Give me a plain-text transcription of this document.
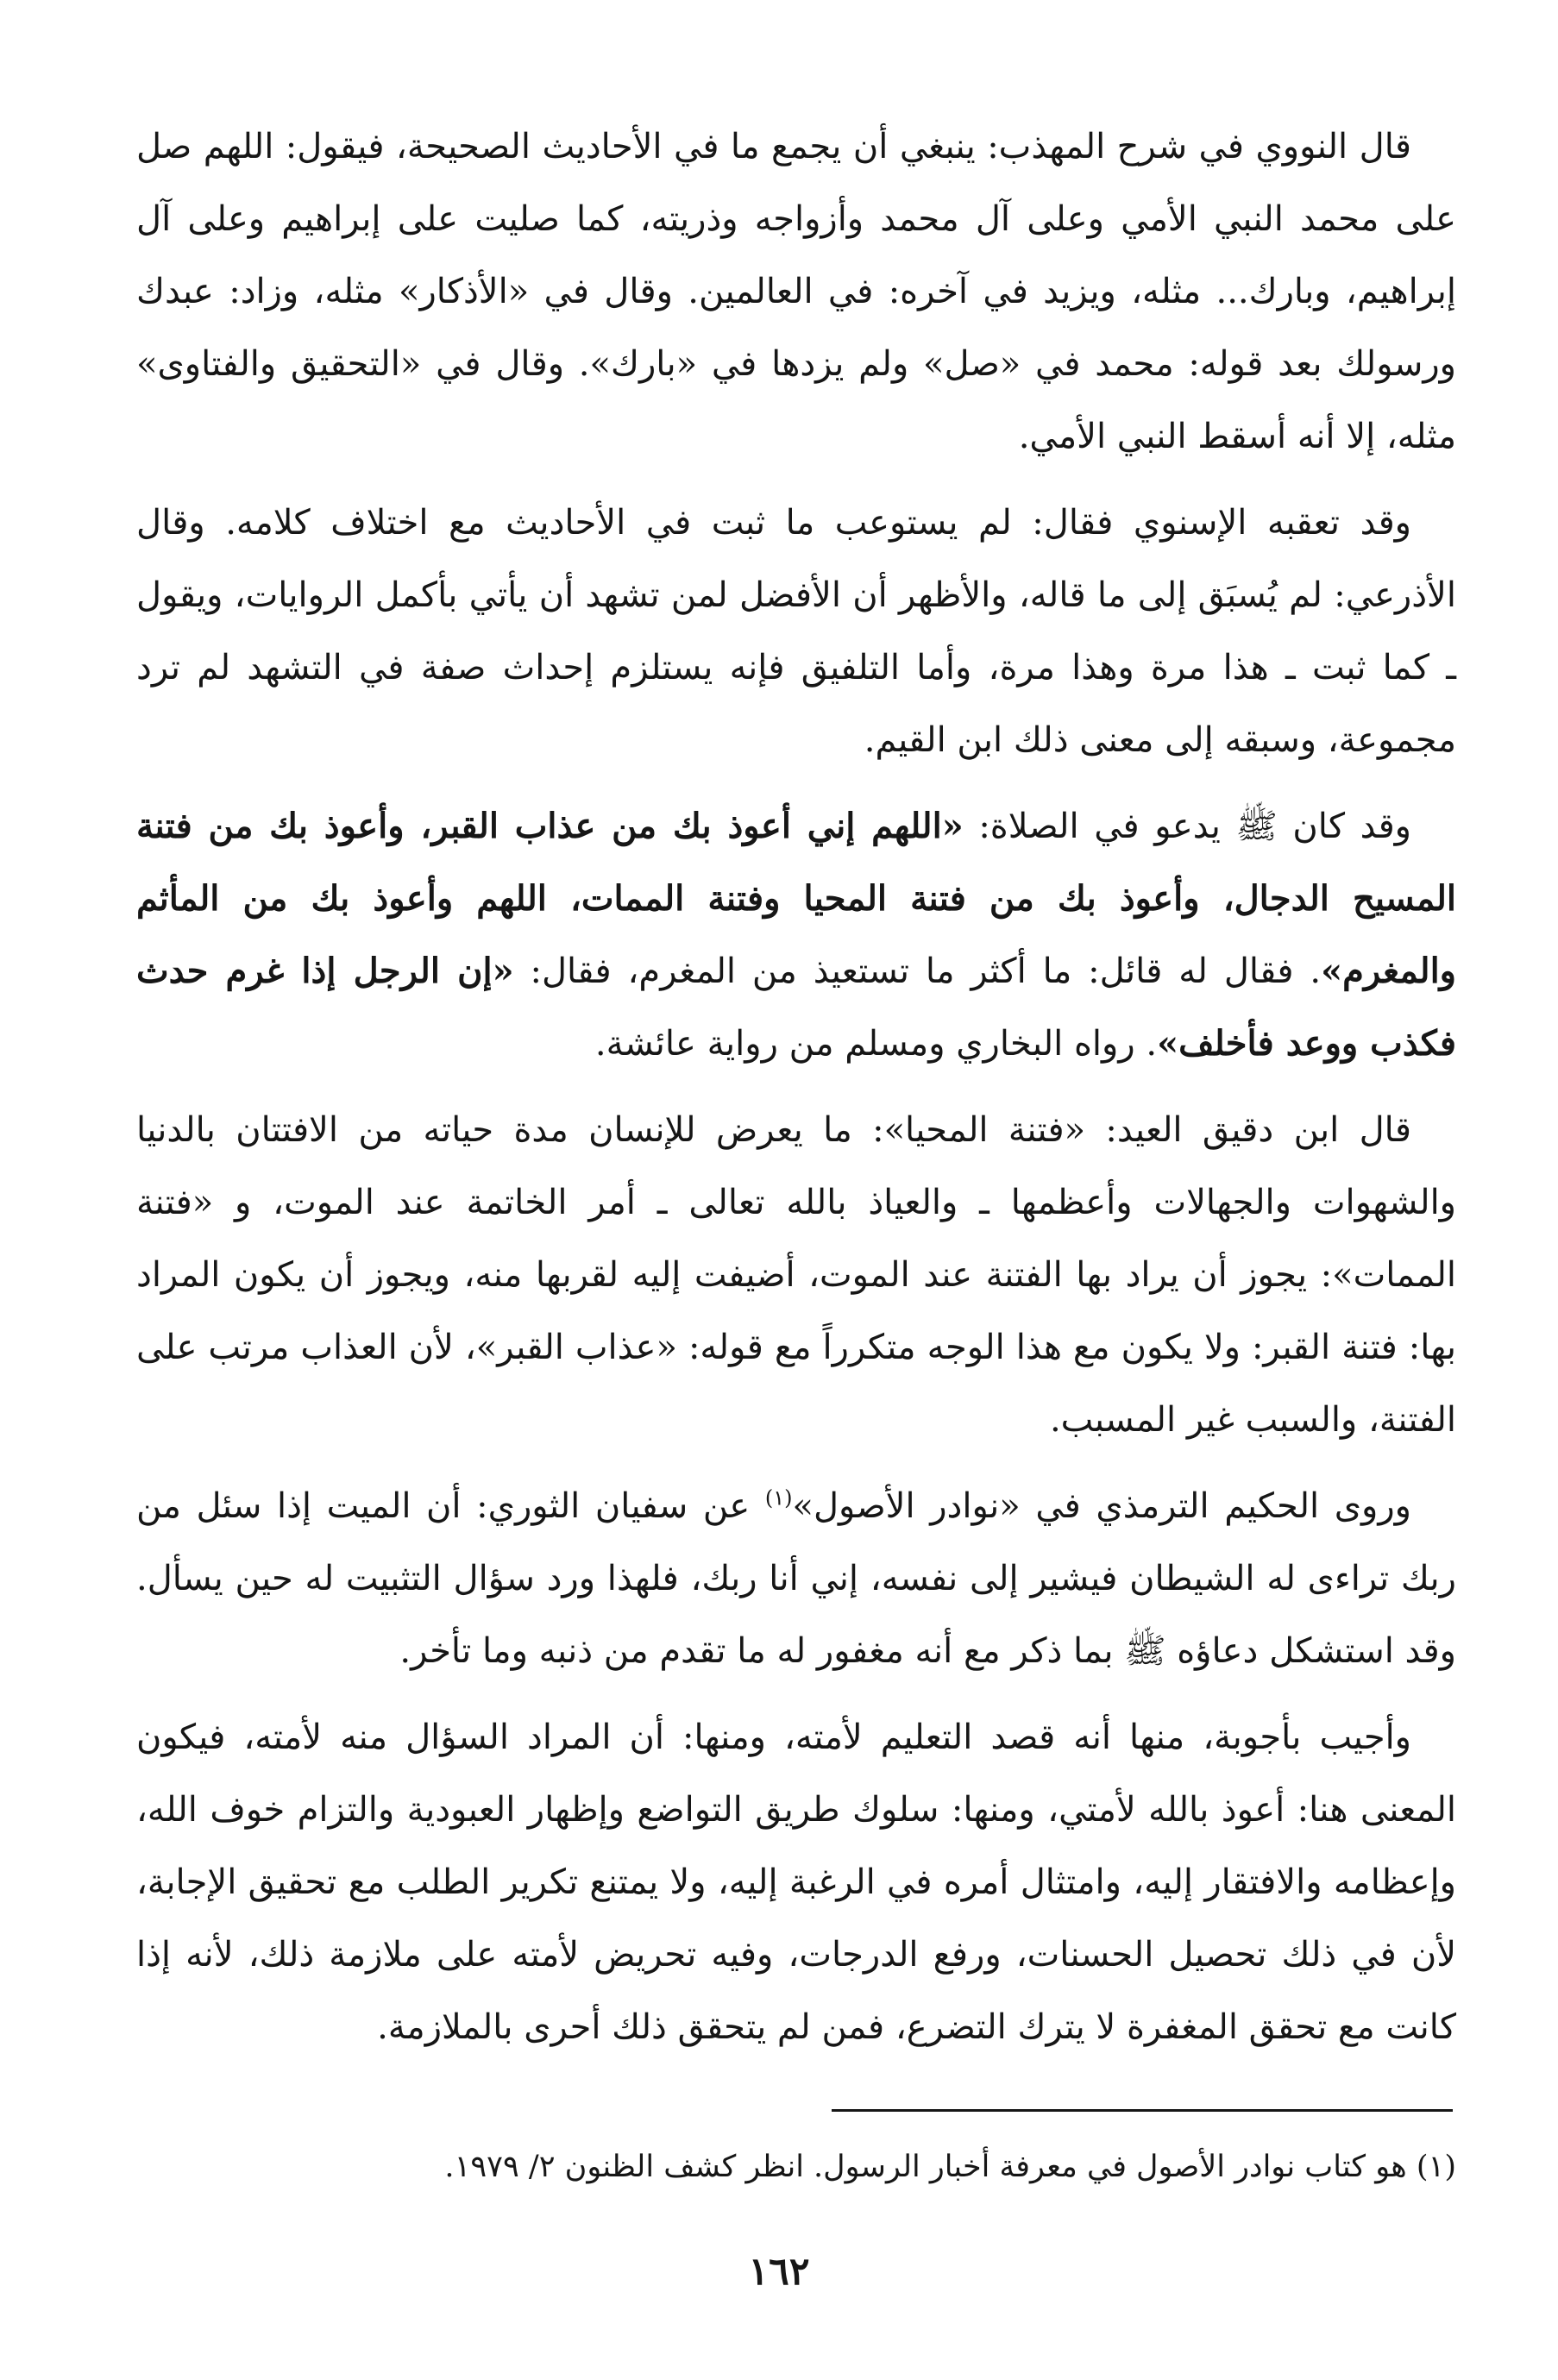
قال النووي في شرح المهذب: ينبغي أن يجمع ما في الأحاديث الصحيحة، فيقول: اللهم صل على محمد النبي الأمي وعلى آل محمد وأزواجه وذريته، كما صليت على إبراهيم وعلى آل إبراهيم، وبارك... مثله، ويزيد في آخره: في العالمين. وقال في «الأذكار» مثله، وزاد: عبدك ورسولك بعد قوله: محمد في «صل» ولم يزدها في «بارك». وقال في «التحقيق والفتاوى» مثله، إلا أنه أسقط النبي الأمي.

وقد تعقبه الإسنوي فقال: لم يستوعب ما ثبت في الأحاديث مع اختلاف كلامه. وقال الأذرعي: لم يُسبَق إلى ما قاله، والأظهر أن الأفضل لمن تشهد أن يأتي بأكمل الروايات، ويقول ـ كما ثبت ـ هذا مرة وهذا مرة، وأما التلفيق فإنه يستلزم إحداث صفة في التشهد لم ترد مجموعة، وسبقه إلى معنى ذلك ابن القيم.

وقد كان ﷺ يدعو في الصلاة: «اللهم إني أعوذ بك من عذاب القبر، وأعوذ بك من فتنة المسيح الدجال، وأعوذ بك من فتنة المحيا وفتنة الممات، اللهم وأعوذ بك من المأثم والمغرم». فقال له قائل: ما أكثر ما تستعيذ من المغرم، فقال: «إن الرجل إذا غرم حدث فكذب ووعد فأخلف». رواه البخاري ومسلم من رواية عائشة.

قال ابن دقيق العيد: «فتنة المحيا»: ما يعرض للإنسان مدة حياته من الافتتان بالدنيا والشهوات والجهالات وأعظمها ـ والعياذ بالله تعالى ـ أمر الخاتمة عند الموت، و «فتنة الممات»: يجوز أن يراد بها الفتنة عند الموت، أضيفت إليه لقربها منه، ويجوز أن يكون المراد بها: فتنة القبر: ولا يكون مع هذا الوجه متكرراً مع قوله: «عذاب القبر»، لأن العذاب مرتب على الفتنة، والسبب غير المسبب.

وروى الحكيم الترمذي في «نوادر الأصول»$^{(١)}$ عن سفيان الثوري: أن الميت إذا سئل من ربك تراءى له الشيطان فيشير إلى نفسه، إني أنا ربك، فلهذا ورد سؤال التثبيت له حين يسأل. وقد استشكل دعاؤه ﷺ بما ذكر مع أنه مغفور له ما تقدم من ذنبه وما تأخر.

وأجيب بأجوبة، منها أنه قصد التعليم لأمته، ومنها: أن المراد السؤال منه لأمته، فيكون المعنى هنا: أعوذ بالله لأمتي، ومنها: سلوك طريق التواضع وإظهار العبودية والتزام خوف الله، وإعظامه والافتقار إليه، وامتثال أمره في الرغبة إليه، ولا يمتنع تكرير الطلب مع تحقيق الإجابة، لأن في ذلك تحصيل الحسنات، ورفع الدرجات، وفيه تحريض لأمته على ملازمة ذلك، لأنه إذا كانت مع تحقق المغفرة لا يترك التضرع، فمن لم يتحقق ذلك أحرى بالملازمة.

(١) هو كتاب نوادر الأصول في معرفة أخبار الرسول. انظر كشف الظنون ٢/ ١٩٧٩.
١٦٢
